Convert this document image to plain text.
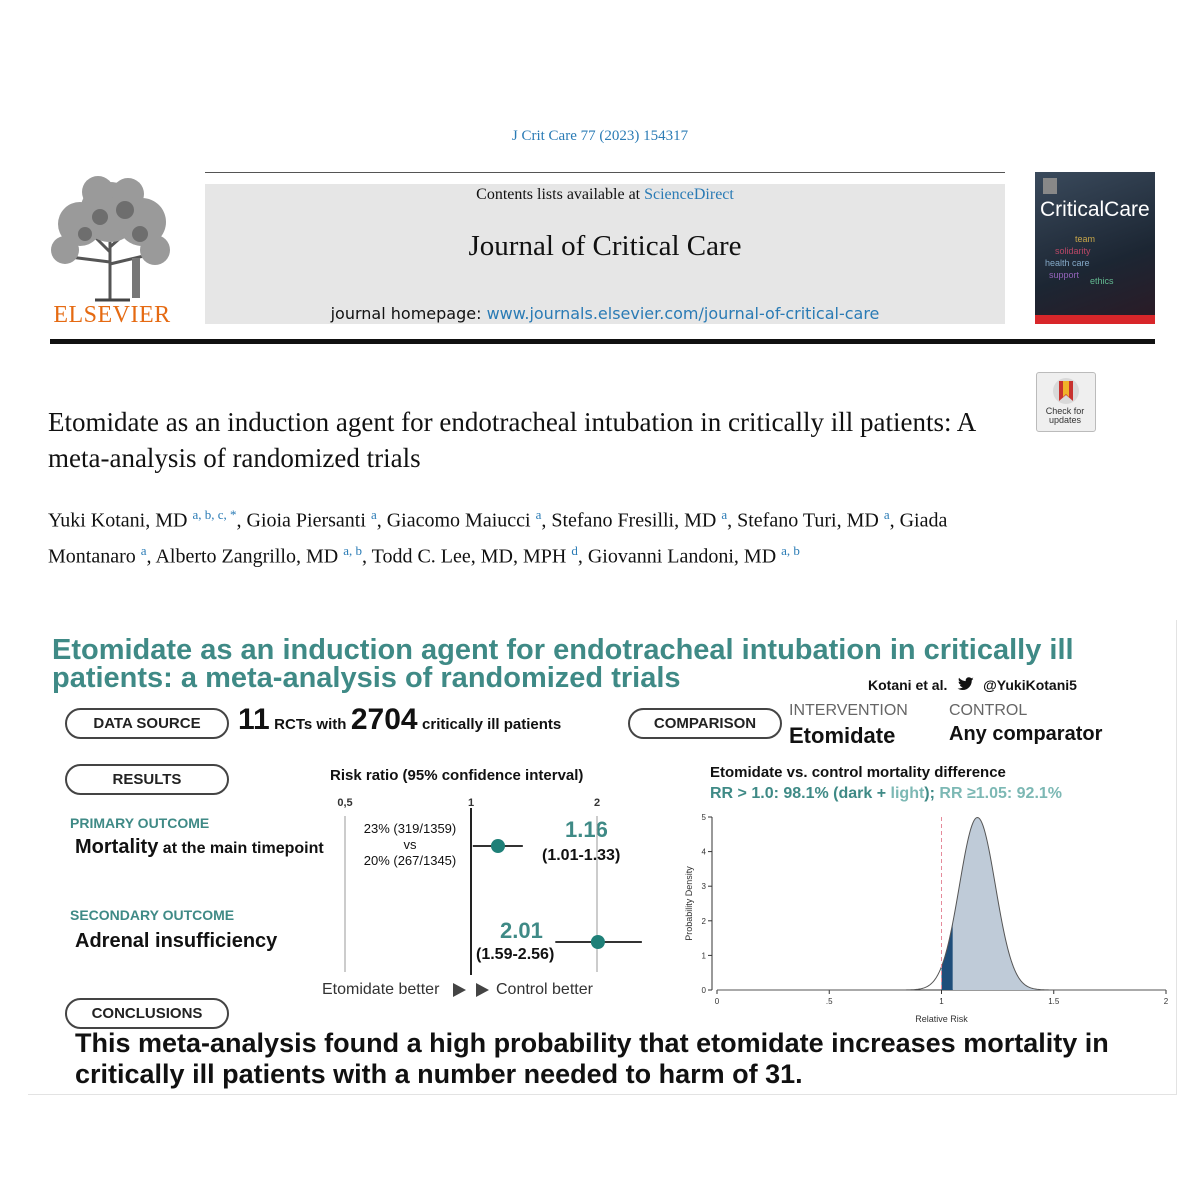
J Crit Care 77 (2023) 154317
ELSEVIER
Contents lists available at ScienceDirect
Journal of Critical Care
journal homepage: www.journals.elsevier.com/journal-of-critical-care
solidarity
health care
team
support
ethics
CriticalCare
Check for updates
Etomidate as an induction agent for endotracheal intubation in critically ill patients: A meta-analysis of randomized trials
Yuki Kotani, MD $^{a, b, c, *}$, Gioia Piersanti $^a$, Giacomo Maiucci $^a$, Stefano Fresilli, MD $^a$, Stefano Turi, MD $^a$, Giada Montanaro $^a$, Alberto Zangrillo, MD $^{a, b}$, Todd C. Lee, MD, MPH $^d$, Giovanni Landoni, MD $^{a, b}$
Etomidate as an induction agent for endotracheal intubation in critically ill patients: a meta-analysis of randomized trials	Kotani et al.	@YukiKotani5
DATA SOURCE	11 RCTs with 2704 critically ill patients	COMPARISON
INTERVENTION
Etomidate
CONTROL
Any comparator
RESULTS	Risk ratio (95% confidence interval)
PRIMARY OUTCOME
Mortality at the main timepoint
23% (319/1359)
vs
20% (267/1345)
1.16
(1.01-1.33)
SECONDARY OUTCOME
Adrenal insufficiency	2.01
(1.59-2.56)
Etomidate better	Control better
0,5	1	2
Etomidate vs. control mortality difference
RR > 1.0: 98.1% (dark + light); RR ≥1.05: 92.1%
0	.5	1	1.5	2
0
1
2
3
4
5
Relative Risk
Probability Density
CONCLUSIONS
This meta-analysis found a high probability that etomidate increases mortality in critically ill patients with a number needed to harm of 31.
